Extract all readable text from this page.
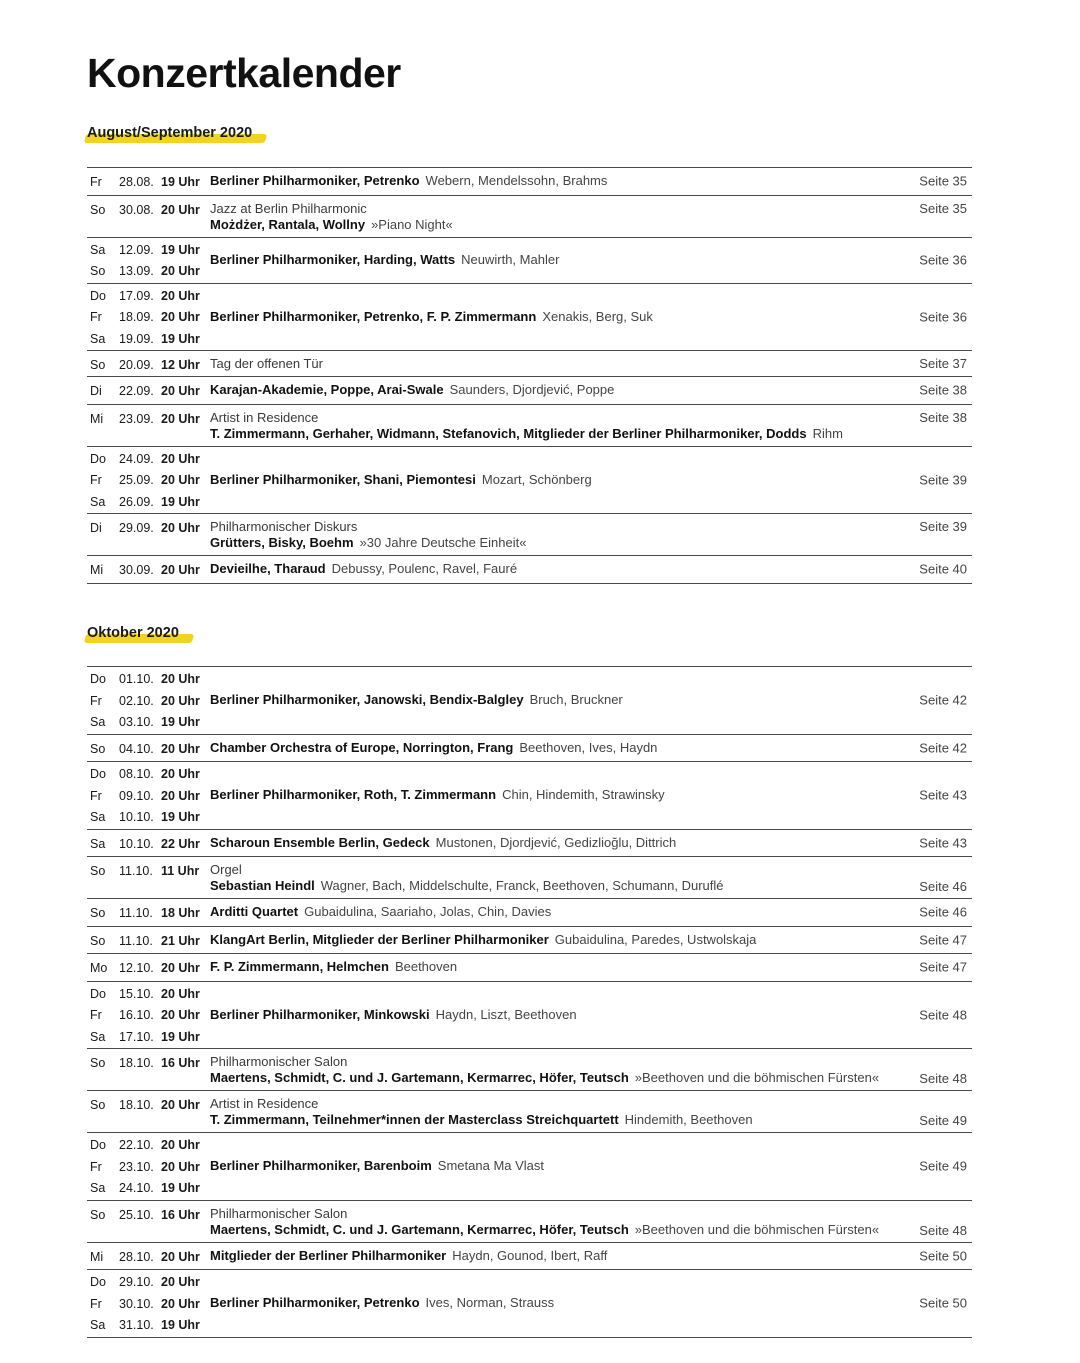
Konzertkalender
August/September 2020
Fr 28.08. 19 Uhr Berliner Philharmoniker, Petrenko Webern, Mendelssohn, Brahms	Seite 35
So 30.08. 20 Uhr Jazz at Berlin Philharmonic
Możdżer, Rantala, Wollny »Piano Night«
Seite 35
Sa 12.09. 19 Uhr
So 13.09. 20 Uhr
Berliner Philharmoniker, Harding, Watts Neuwirth, Mahler	Seite 36
Do 17.09. 20 Uhr
Fr 18.09. 20 Uhr
Sa 19.09. 19 Uhr
Berliner Philharmoniker, Petrenko, F. P. Zimmermann Xenakis, Berg, Suk	Seite 36
So 20.09. 12 Uhr Tag der offenen Tür	Seite 37
Di 22.09. 20 Uhr Karajan-Akademie, Poppe, Arai-Swale Saunders, Djordjević, Poppe	Seite 38
Mi 23.09. 20 Uhr Artist in Residence
T. Zimmermann, Gerhaher, Widmann, Stefanovich, Mitglieder der Berliner Philharmoniker, Dodds Rihm
Seite 38
Do 24.09. 20 Uhr
Fr 25.09. 20 Uhr
Sa 26.09. 19 Uhr
Berliner Philharmoniker, Shani, Piemontesi Mozart, Schönberg	Seite 39
Di 29.09. 20 Uhr Philharmonischer Diskurs
Grütters, Bisky, Boehm »30 Jahre Deutsche Einheit«
Seite 39
Mi 30.09. 20 Uhr Devieilhe, Tharaud Debussy, Poulenc, Ravel, Fauré	Seite 40
Oktober 2020
Do 01.10. 20 Uhr
Fr 02.10. 20 Uhr
Sa 03.10. 19 Uhr
Berliner Philharmoniker, Janowski, Bendix-Balgley Bruch, Bruckner	Seite 42
So 04.10. 20 Uhr Chamber Orchestra of Europe, Norrington, Frang Beethoven, Ives, Haydn	Seite 42
Do 08.10. 20 Uhr
Fr 09.10. 20 Uhr
Sa 10.10. 19 Uhr
Berliner Philharmoniker, Roth, T. Zimmermann Chin, Hindemith, Strawinsky	Seite 43
Sa 10.10. 22 Uhr Scharoun Ensemble Berlin, Gedeck Mustonen, Djordjević, Gedizlioğlu, Dittrich	Seite 43
So 11.10. 11 Uhr Orgel
Sebastian Heindl Wagner, Bach, Middelschulte, Franck, Beethoven, Schumann, Duruflé	Seite 46
So 11.10. 18 Uhr Arditti Quartet Gubaidulina, Saariaho, Jolas, Chin, Davies	Seite 46
So 11.10. 21 Uhr KlangArt Berlin, Mitglieder der Berliner Philharmoniker Gubaidulina, Paredes, Ustwolskaja	Seite 47
Mo 12.10. 20 Uhr F. P. Zimmermann, Helmchen Beethoven	Seite 47
Do 15.10. 20 Uhr
Fr 16.10. 20 Uhr
Sa 17.10. 19 Uhr
Berliner Philharmoniker, Minkowski Haydn, Liszt, Beethoven	Seite 48
So 18.10. 16 Uhr Philharmonischer Salon
Maertens, Schmidt, C. und J. Gartemann, Kermarrec, Höfer, Teutsch »Beethoven und die böhmischen Fürsten«	Seite 48
So 18.10. 20 Uhr Artist in Residence
T. Zimmermann, Teilnehmer*innen der Masterclass Streichquartett Hindemith, Beethoven	Seite 49
Do 22.10. 20 Uhr
Fr 23.10. 20 Uhr
Sa 24.10. 19 Uhr
Berliner Philharmoniker, Barenboim Smetana Ma Vlast	Seite 49
So 25.10. 16 Uhr Philharmonischer Salon
Maertens, Schmidt, C. und J. Gartemann, Kermarrec, Höfer, Teutsch »Beethoven und die böhmischen Fürsten«	Seite 48
Mi 28.10. 20 Uhr Mitglieder der Berliner Philharmoniker Haydn, Gounod, Ibert, Raff	Seite 50
Do 29.10. 20 Uhr
Fr 30.10. 20 Uhr
Sa 31.10. 19 Uhr
Berliner Philharmoniker, Petrenko Ives, Norman, Strauss	Seite 50
